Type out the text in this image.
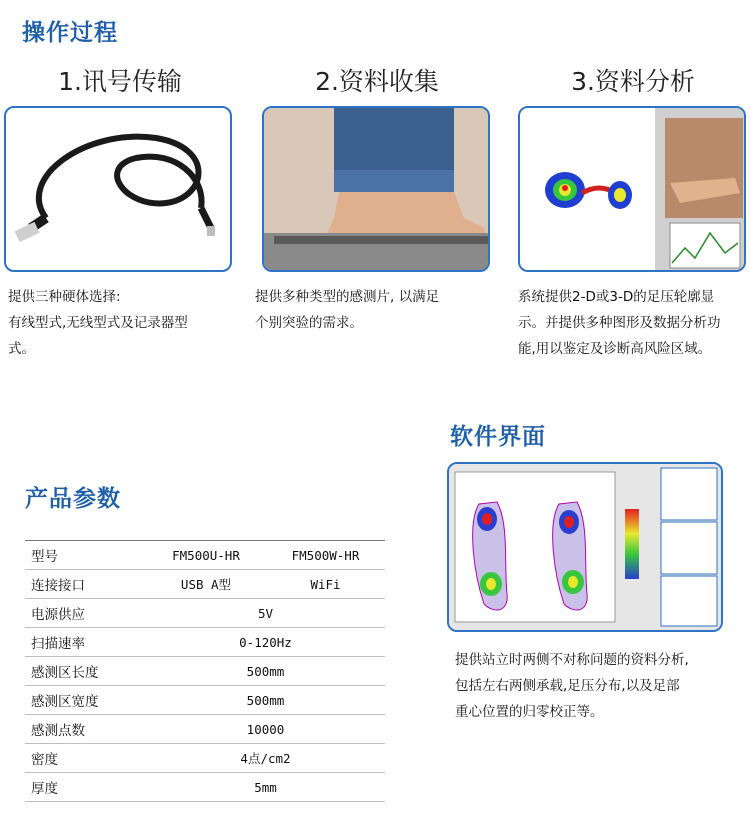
操作过程
1.讯号传输	2.资料收集	3.资料分析
提供三种硬体选择:
有线型式,无线型式及记录器型
式。
提供多种类型的感测片, 以满足
个别突验的需求。
系统提供2-D或3-D的足压轮廓显
示。并提供多种图形及数据分析功
能,用以鉴定及诊断高风险区域。
产品参数
型号	FM500U-HR	FM500W-HR
连接接口	USB A型	WiFi
电源供应	5V	
扫描速率	0-120Hz	
感测区长度	500mm	
感测区宽度	500mm	
感测点数	10000	
密度	4点/cm2	
厚度	5mm	
软件界面
提供站立时两侧不对称问题的资料分析,
包括左右两侧承载,足压分布,以及足部
重心位置的归零校正等。
